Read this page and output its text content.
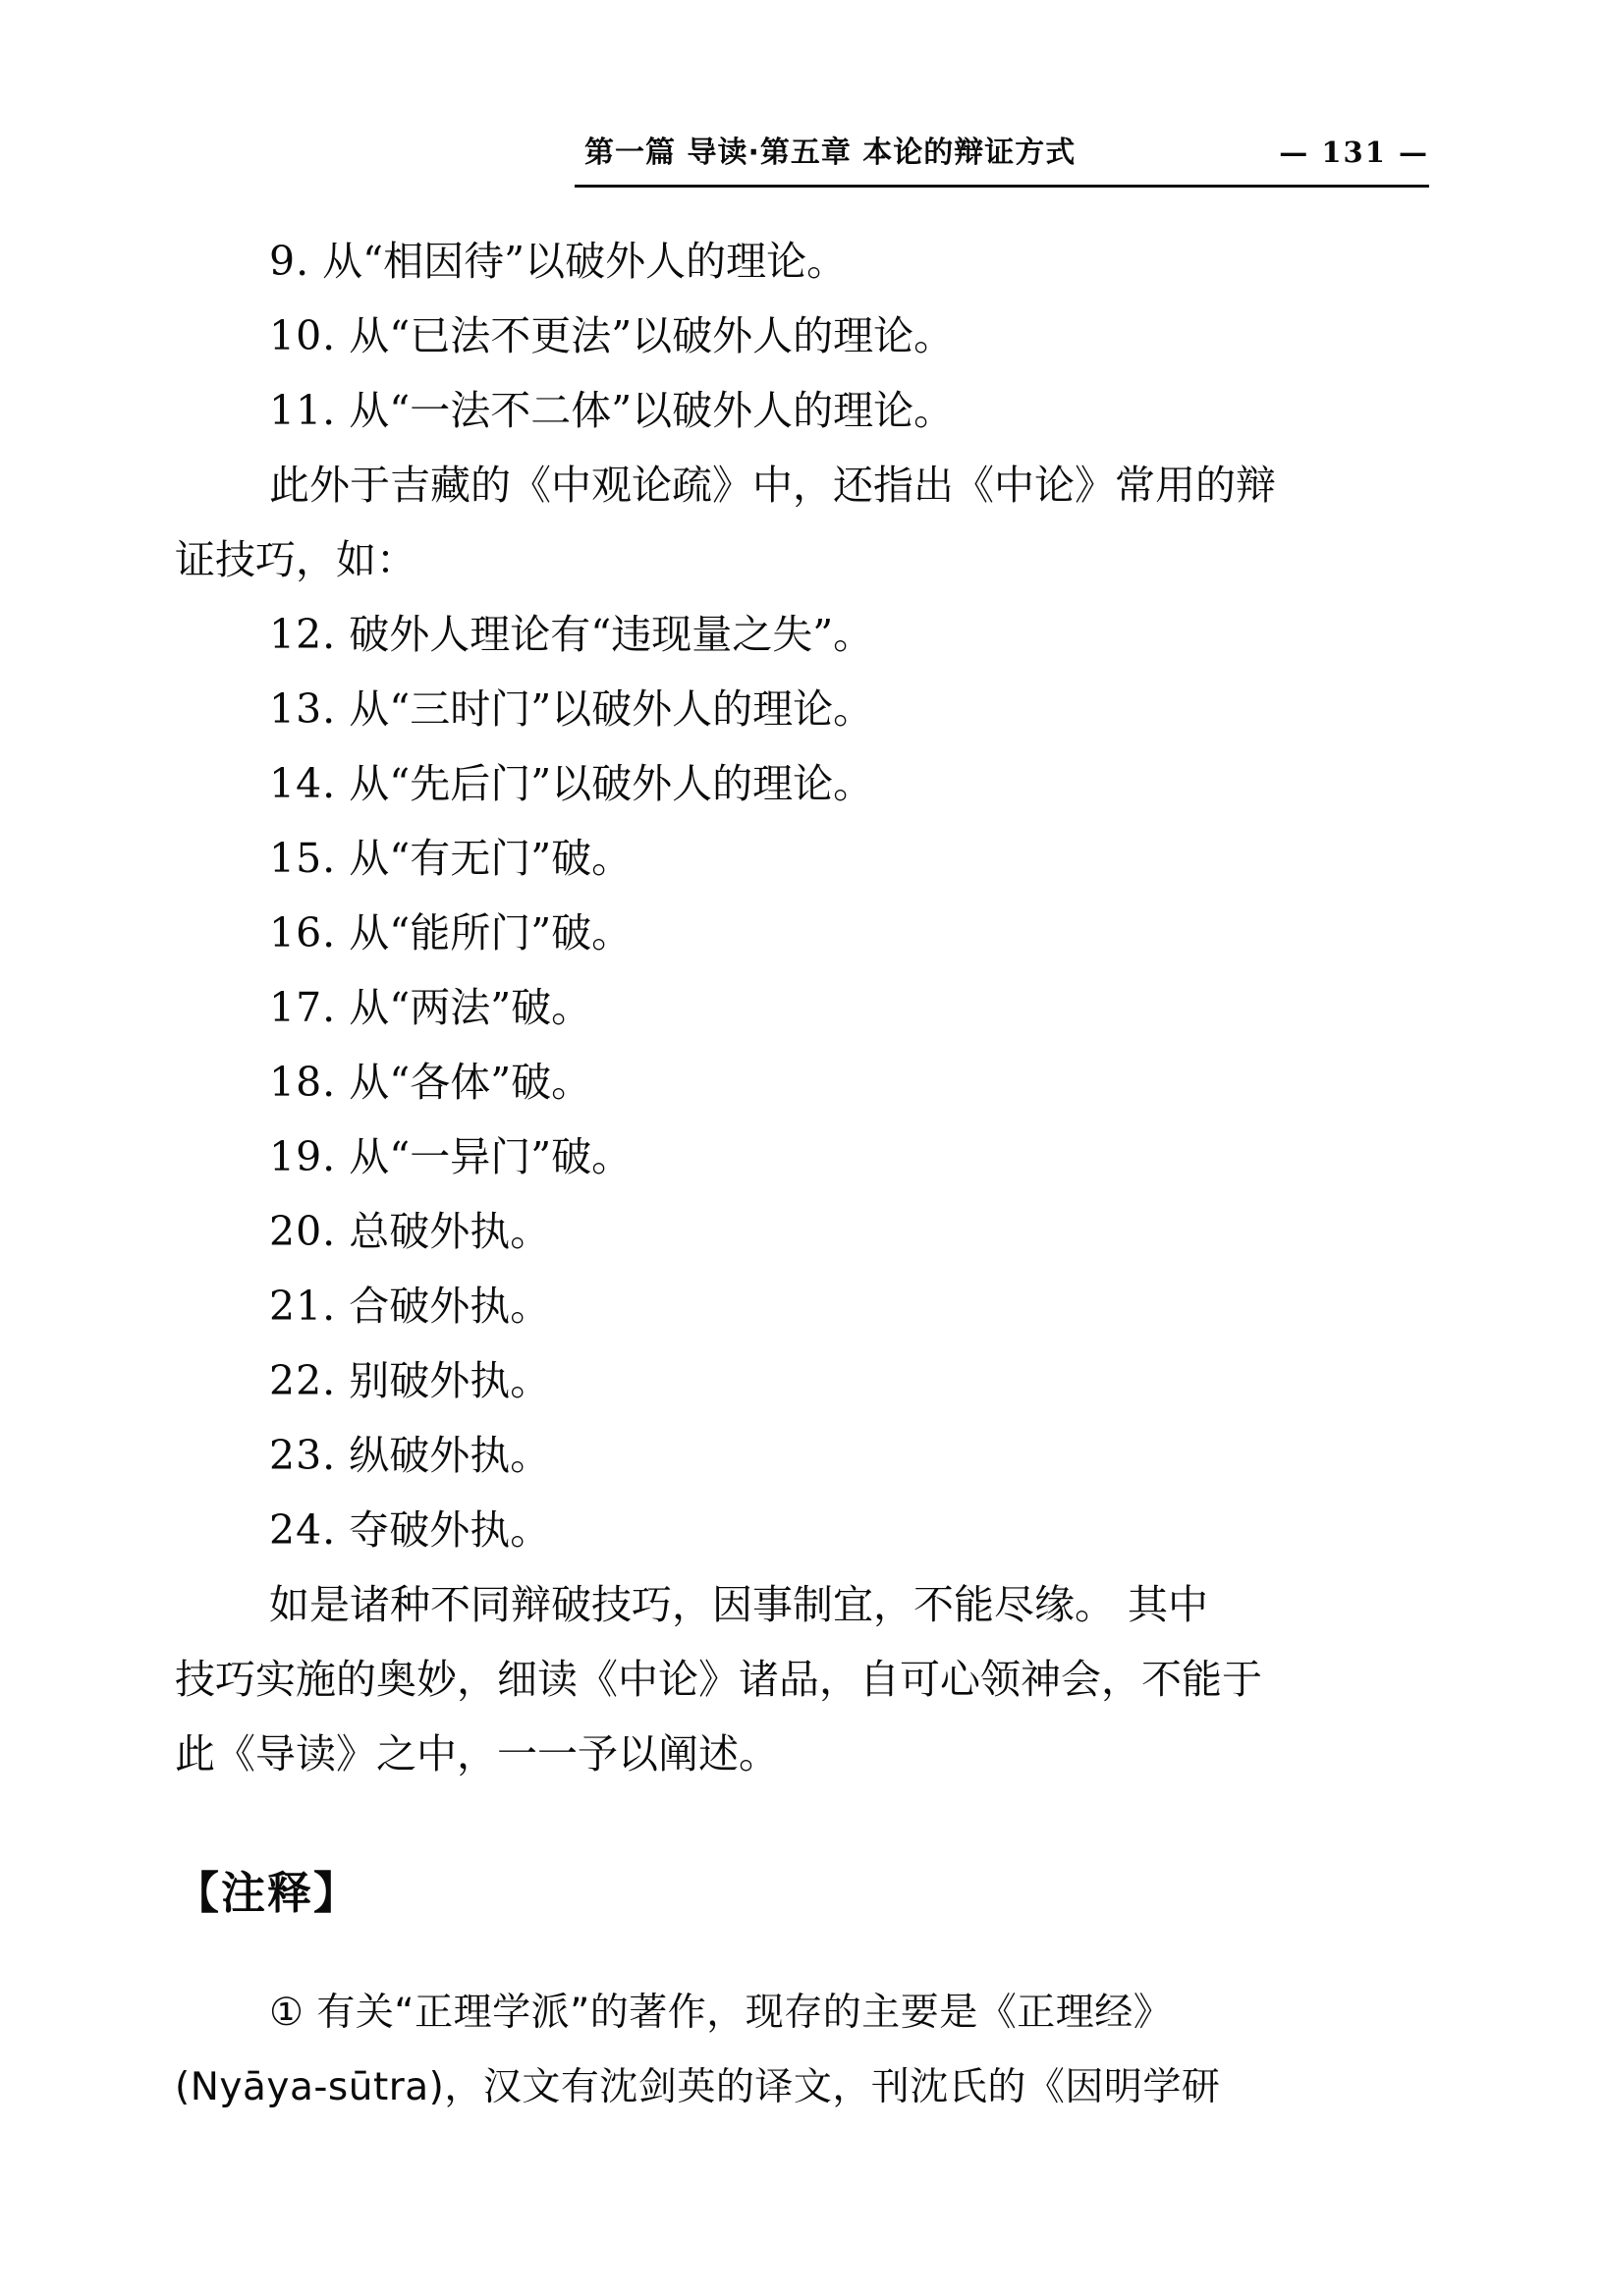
第一篇 导读·第五章 本论的辩证方式	— 131 —
9. 从“相因待”以破外人的理论。
10. 从“已法不更法”以破外人的理论。
11. 从“一法不二体”以破外人的理论。
此外于吉藏的《中观论疏》中，还指出《中论》常用的辩
证技巧，如：
12. 破外人理论有“违现量之失”。
13. 从“三时门”以破外人的理论。
14. 从“先后门”以破外人的理论。
15. 从“有无门”破。
16. 从“能所门”破。
17. 从“两法”破。
18. 从“各体”破。
19. 从“一异门”破。
20. 总破外执。
21. 合破外执。
22. 别破外执。
23. 纵破外执。
24. 夺破外执。
如是诸种不同辩破技巧，因事制宜，不能尽缘。 其中
技巧实施的奥妙，细读《中论》诸品，自可心领神会，不能于
此《导读》之中，一一予以阐述。
【注释】
① 有关“正理学派”的著作，现存的主要是《正理经》
(Nyāya-sūtra)，汉文有沈剑英的译文，刊沈氏的《因明学研
